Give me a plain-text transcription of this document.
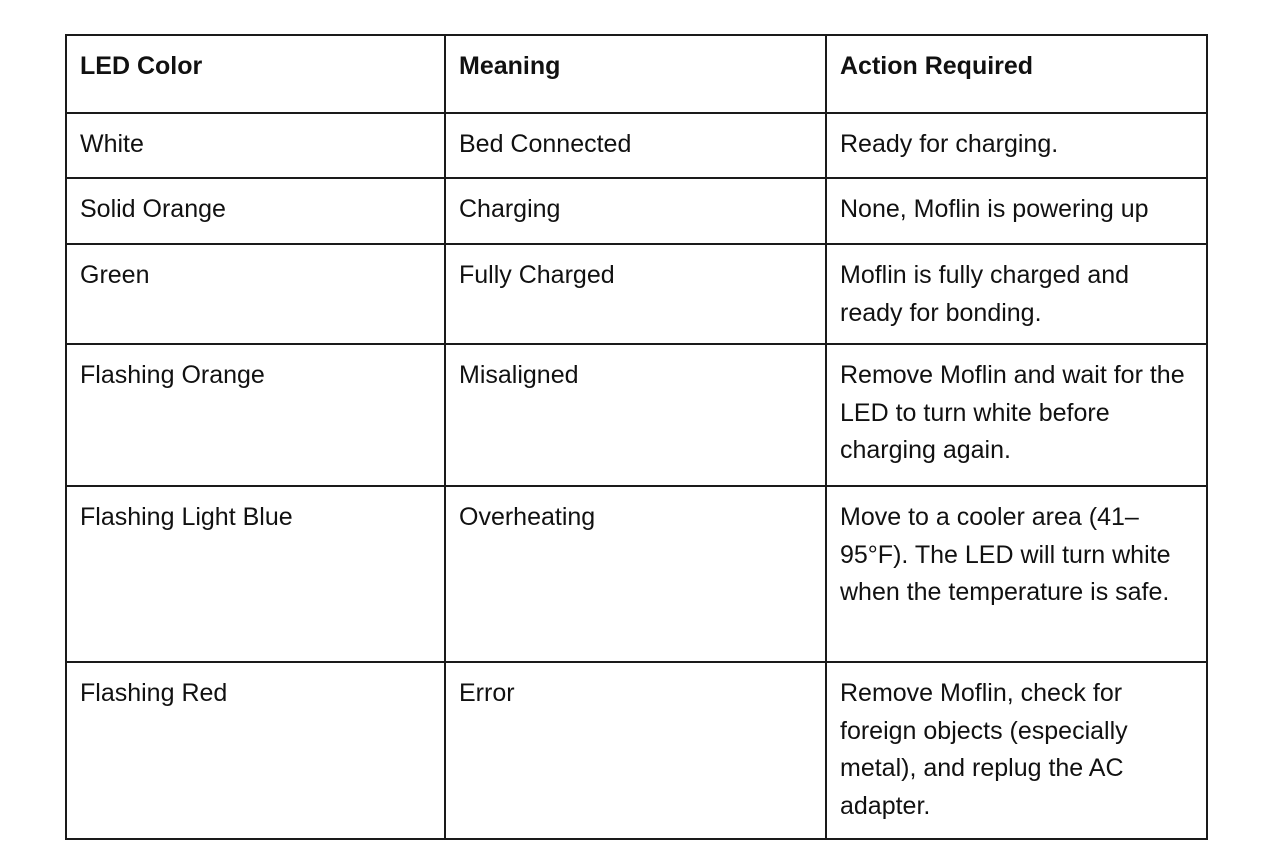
LED Color	Meaning	Action Required
White	Bed Connected	Ready for charging.
Solid Orange	Charging	None, Moflin is powering up
Green	Fully Charged	Moflin is fully charged and ready for bonding.
Flashing Orange	Misaligned	Remove Moflin and wait for the LED to turn white before charging again.
Flashing Light Blue	Overheating	Move to a cooler area (41–95°F). The LED will turn white when the temperature is safe.
Flashing Red	Error	Remove Moflin, check for foreign objects (especially metal), and replug the AC adapter.
